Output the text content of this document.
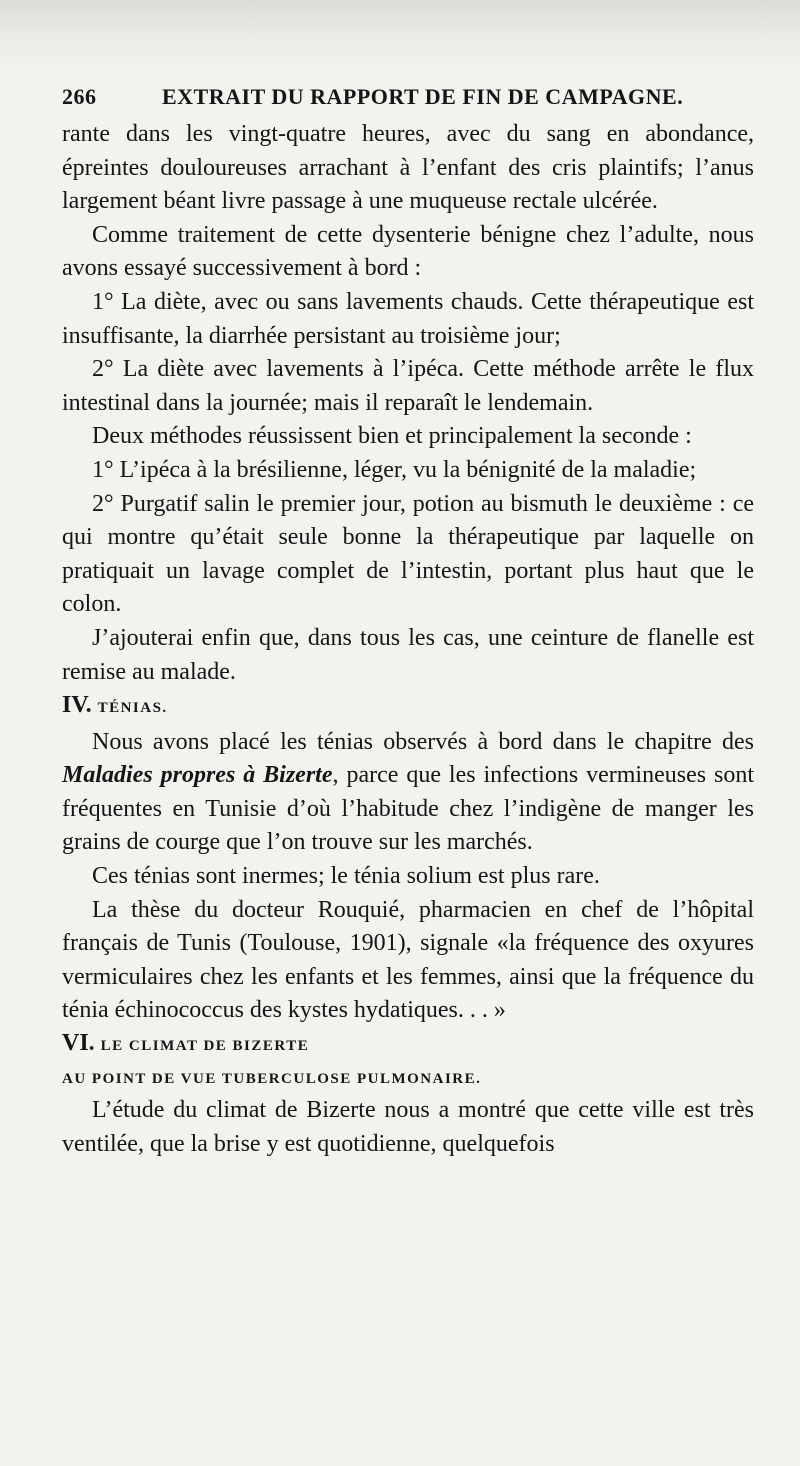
266	EXTRAIT DU RAPPORT DE FIN DE CAMPAGNE.

rante dans les vingt-quatre heures, avec du sang en abondance, épreintes douloureuses arrachant à l’enfant des cris plaintifs; l’anus largement béant livre passage à une muqueuse rectale ulcérée.

Comme traitement de cette dysenterie bénigne chez l’adulte, nous avons essayé successivement à bord :

1° La diète, avec ou sans lavements chauds. Cette thérapeutique est insuffisante, la diarrhée persistant au troisième jour;

2° La diète avec lavements à l’ipéca. Cette méthode arrête le flux intestinal dans la journée; mais il reparaît le lendemain.

Deux méthodes réussissent bien et principalement la seconde :

1° L’ipéca à la brésilienne, léger, vu la bénignité de la maladie;

2° Purgatif salin le premier jour, potion au bismuth le deuxième : ce qui montre qu’était seule bonne la thérapeutique par laquelle on pratiquait un lavage complet de l’intestin, portant plus haut que le colon.

J’ajouterai enfin que, dans tous les cas, une ceinture de flanelle est remise au malade.

IV. TÉNIAS.

Nous avons placé les ténias observés à bord dans le chapitre des Maladies propres à Bizerte, parce que les infections vermineuses sont fréquentes en Tunisie d’où l’habitude chez l’indigène de manger les grains de courge que l’on trouve sur les marchés.

Ces ténias sont inermes; le ténia solium est plus rare.

La thèse du docteur Rouquié, pharmacien en chef de l’hôpital français de Tunis (Toulouse, 1901), signale «la fréquence des oxyures vermiculaires chez les enfants et les femmes, ainsi que la fréquence du ténia échinococcus des kystes hydatiques. . . »

VI. LE CLIMAT DE BIZERTE

AU POINT DE VUE TUBERCULOSE PULMONAIRE.

L’étude du climat de Bizerte nous a montré que cette ville est très ventilée, que la brise y est quotidienne, quelquefois
